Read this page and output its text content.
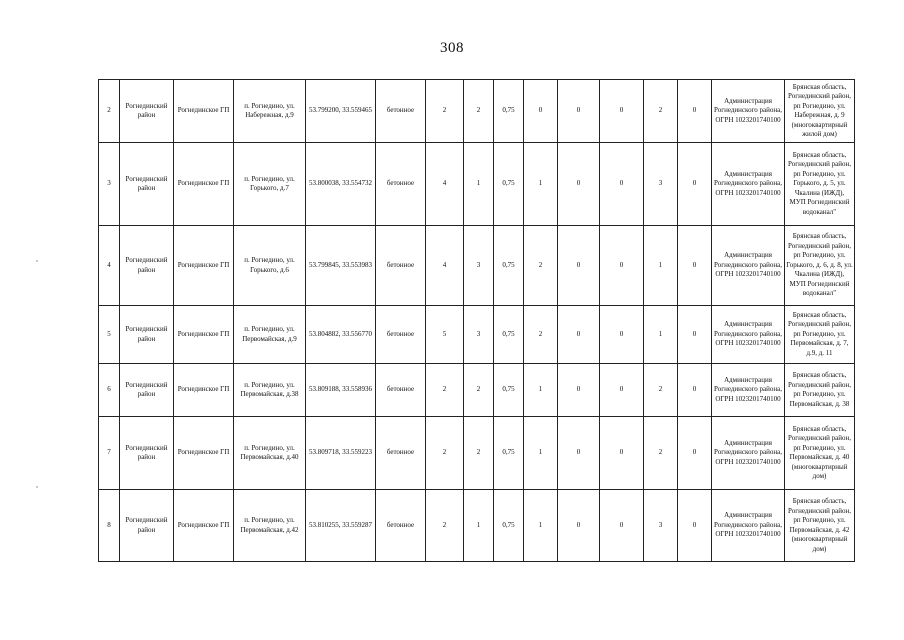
308
2	Рогнединский район	Рогнединское ГП	п. Рогнедино, ул. Набережная, д.9	53.799200, 33.559465	бетонное	2	2	0,75	0	0	0	2	0	Администрация Рогнединского района, ОГРН 1023201740100	Брянская область, Рогнединский район, рп Рогнедино, ул. Набережная, д. 9 (многоквартирный жилой дом)
3	Рогнединский район	Рогнединское ГП	п. Рогнедино, ул. Горького, д.7	53.800038, 33.554732	бетонное	4	1	0,75	1	0	0	3	0	Администрация Рогнединского района, ОГРН 1023201740100	Брянская область, Рогнединский район, рп Рогнедино, ул. Горького, д. 5, ул. Чкалина (ИЖД), МУП Рогнединский водоканал"
4	Рогнединский район	Рогнединское ГП	п. Рогнедино, ул. Горького, д.6	53.799845, 33.553983	бетонное	4	3	0,75	2	0	0	1	0	Администрация Рогнединского района, ОГРН 1023201740100	Брянская область, Рогнединский район, рп Рогнедино, ул. Горького, д. 6, д. 8, ул. Чкалина (ИЖД), МУП Рогнединский водоканал"
5	Рогнединский район	Рогнединское ГП	п. Рогнедино, ул. Первомайская, д.9	53.804882, 33.556770	бетонное	5	3	0,75	2	0	0	1	0	Администрация Рогнединского района, ОГРН 1023201740100	Брянская область, Рогнединский район, рп Рогнедино, ул. Первомайская, д. 7, д.9, д. 11
6	Рогнединский район	Рогнединское ГП	п. Рогнедино, ул. Первомайская, д.38	53.809188, 33.558936	бетонное	2	2	0,75	1	0	0	2	0	Администрация Рогнединского района, ОГРН 1023201740100	Брянская область, Рогнединский район, рп Рогнедино, ул. Первомайская, д. 38
7	Рогнединский район	Рогнединское ГП	п. Рогнедино, ул. Первомайская, д.40	53.809718, 33.559223	бетонное	2	2	0,75	1	0	0	2	0	Администрация Рогнединского района, ОГРН 1023201740100	Брянская область, Рогнединский район, рп Рогнедино, ул. Первомайская, д. 40 (многоквартирный дом)
8	Рогнединский район	Рогнединское ГП	п. Рогнедино, ул. Первомайская, д.42	53.810255, 33.559287	бетонное	2	1	0,75	1	0	0	3	0	Администрация Рогнединского района, ОГРН 1023201740100	Брянская область, Рогнединский район, рп Рогнедино, ул. Первомайская, д. 42 (многоквартирный дом)
